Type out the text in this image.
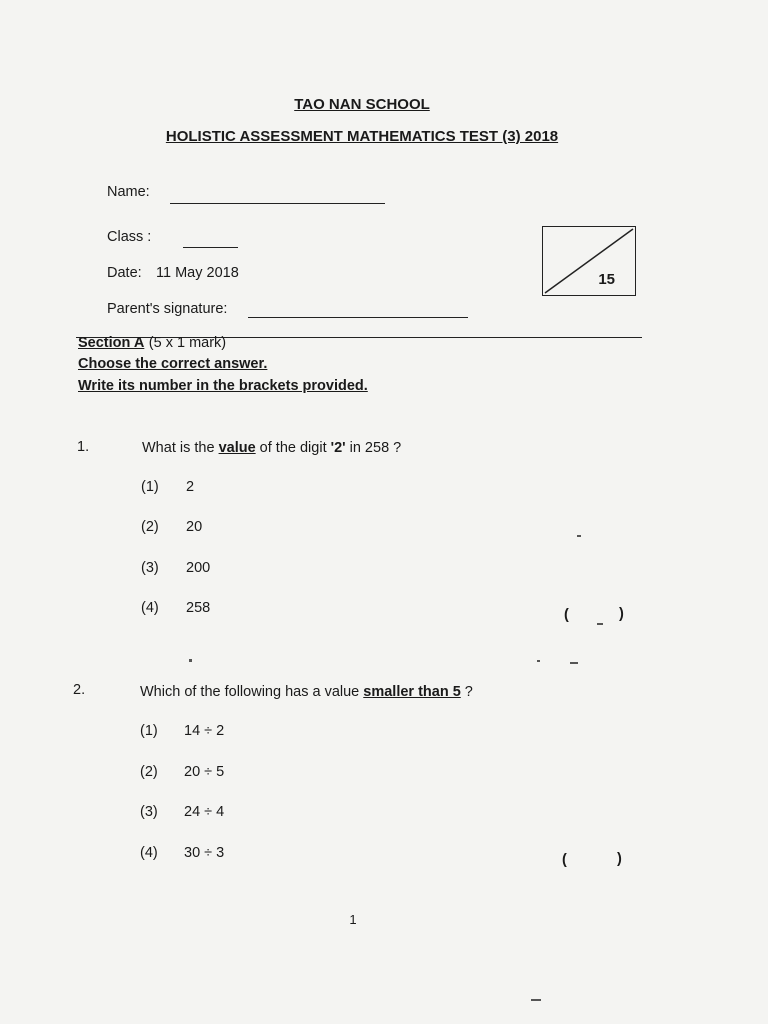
TAO NAN SCHOOL
HOLISTIC ASSESSMENT MATHEMATICS TEST (3) 2018
Name:
Class :
Date: 11 May 2018
Parent's signature:
15
Section A (5 x 1 mark)
Choose the correct answer.
Write its number in the brackets provided.
1.	What is the value of the digit '2' in 258 ?
(1) 2
(2) 20
(3) 200
(4) 258	(	)
2.	Which of the following has a value smaller than 5 ?
(1) 14 ÷ 2
(2) 20 ÷ 5
(3) 24 ÷ 4
(4) 30 ÷ 3	(	)
1
